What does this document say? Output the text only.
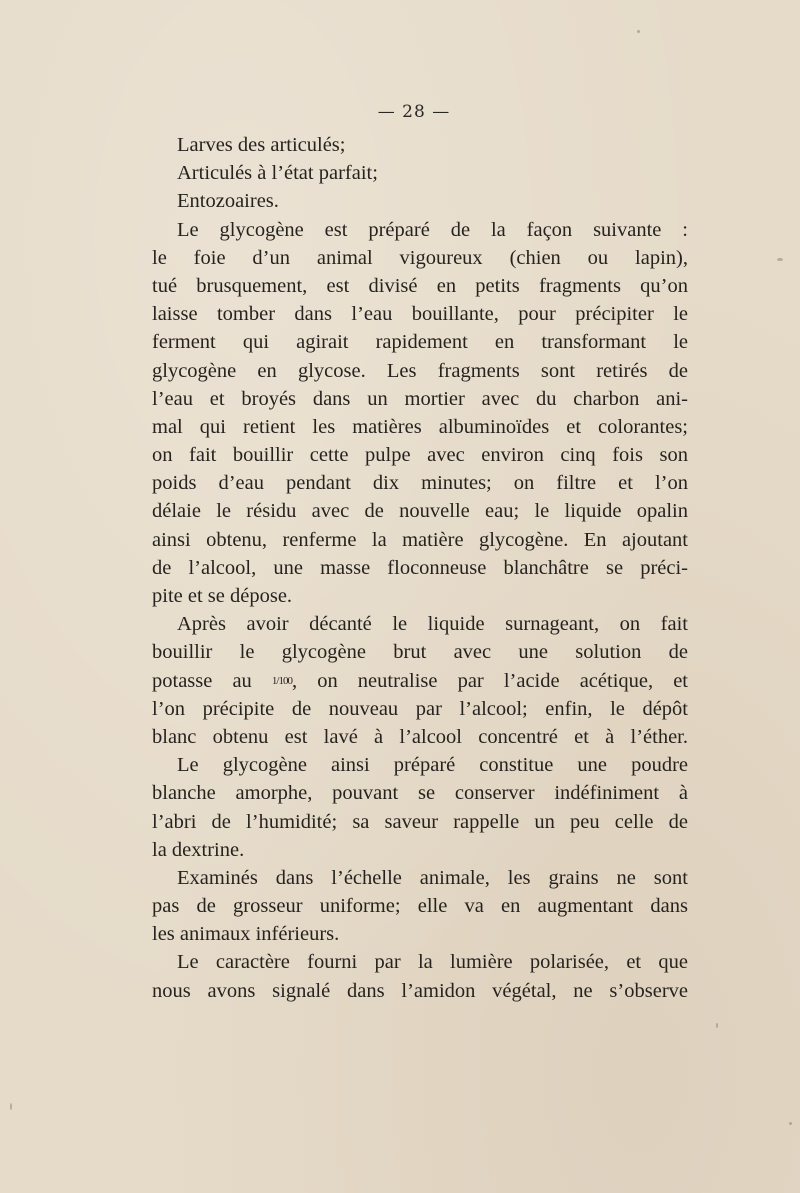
— 28 —
Larves des articulés;
Articulés à l’état parfait;
Entozoaires.
Le glycogène est préparé de la façon suivante :
le foie d’un animal vigoureux (chien ou lapin),
tué brusquement, est divisé en petits fragments qu’on
laisse tomber dans l’eau bouillante, pour précipiter le
ferment qui agirait rapidement en transformant le
glycogène en glycose. Les fragments sont retirés de
l’eau et broyés dans un mortier avec du charbon ani-
mal qui retient les matières albuminoïdes et colorantes;
on fait bouillir cette pulpe avec environ cinq fois son
poids d’eau pendant dix minutes; on filtre et l’on
délaie le résidu avec de nouvelle eau; le liquide opalin
ainsi obtenu, renferme la matière glycogène. En ajoutant
de l’alcool, une masse floconneuse blanchâtre se préci-
pite et se dépose.
Après avoir décanté le liquide surnageant, on fait
bouillir le glycogène brut avec une solution de
potasse au 1/100, on neutralise par l’acide acétique, et
l’on précipite de nouveau par l’alcool; enfin, le dépôt
blanc obtenu est lavé à l’alcool concentré et à l’éther.
Le glycogène ainsi préparé constitue une poudre
blanche amorphe, pouvant se conserver indéfiniment à
l’abri de l’humidité; sa saveur rappelle un peu celle de
la dextrine.
Examinés dans l’échelle animale, les grains ne sont
pas de grosseur uniforme; elle va en augmentant dans
les animaux inférieurs.
Le caractère fourni par la lumière polarisée, et que
nous avons signalé dans l’amidon végétal, ne s’observe
